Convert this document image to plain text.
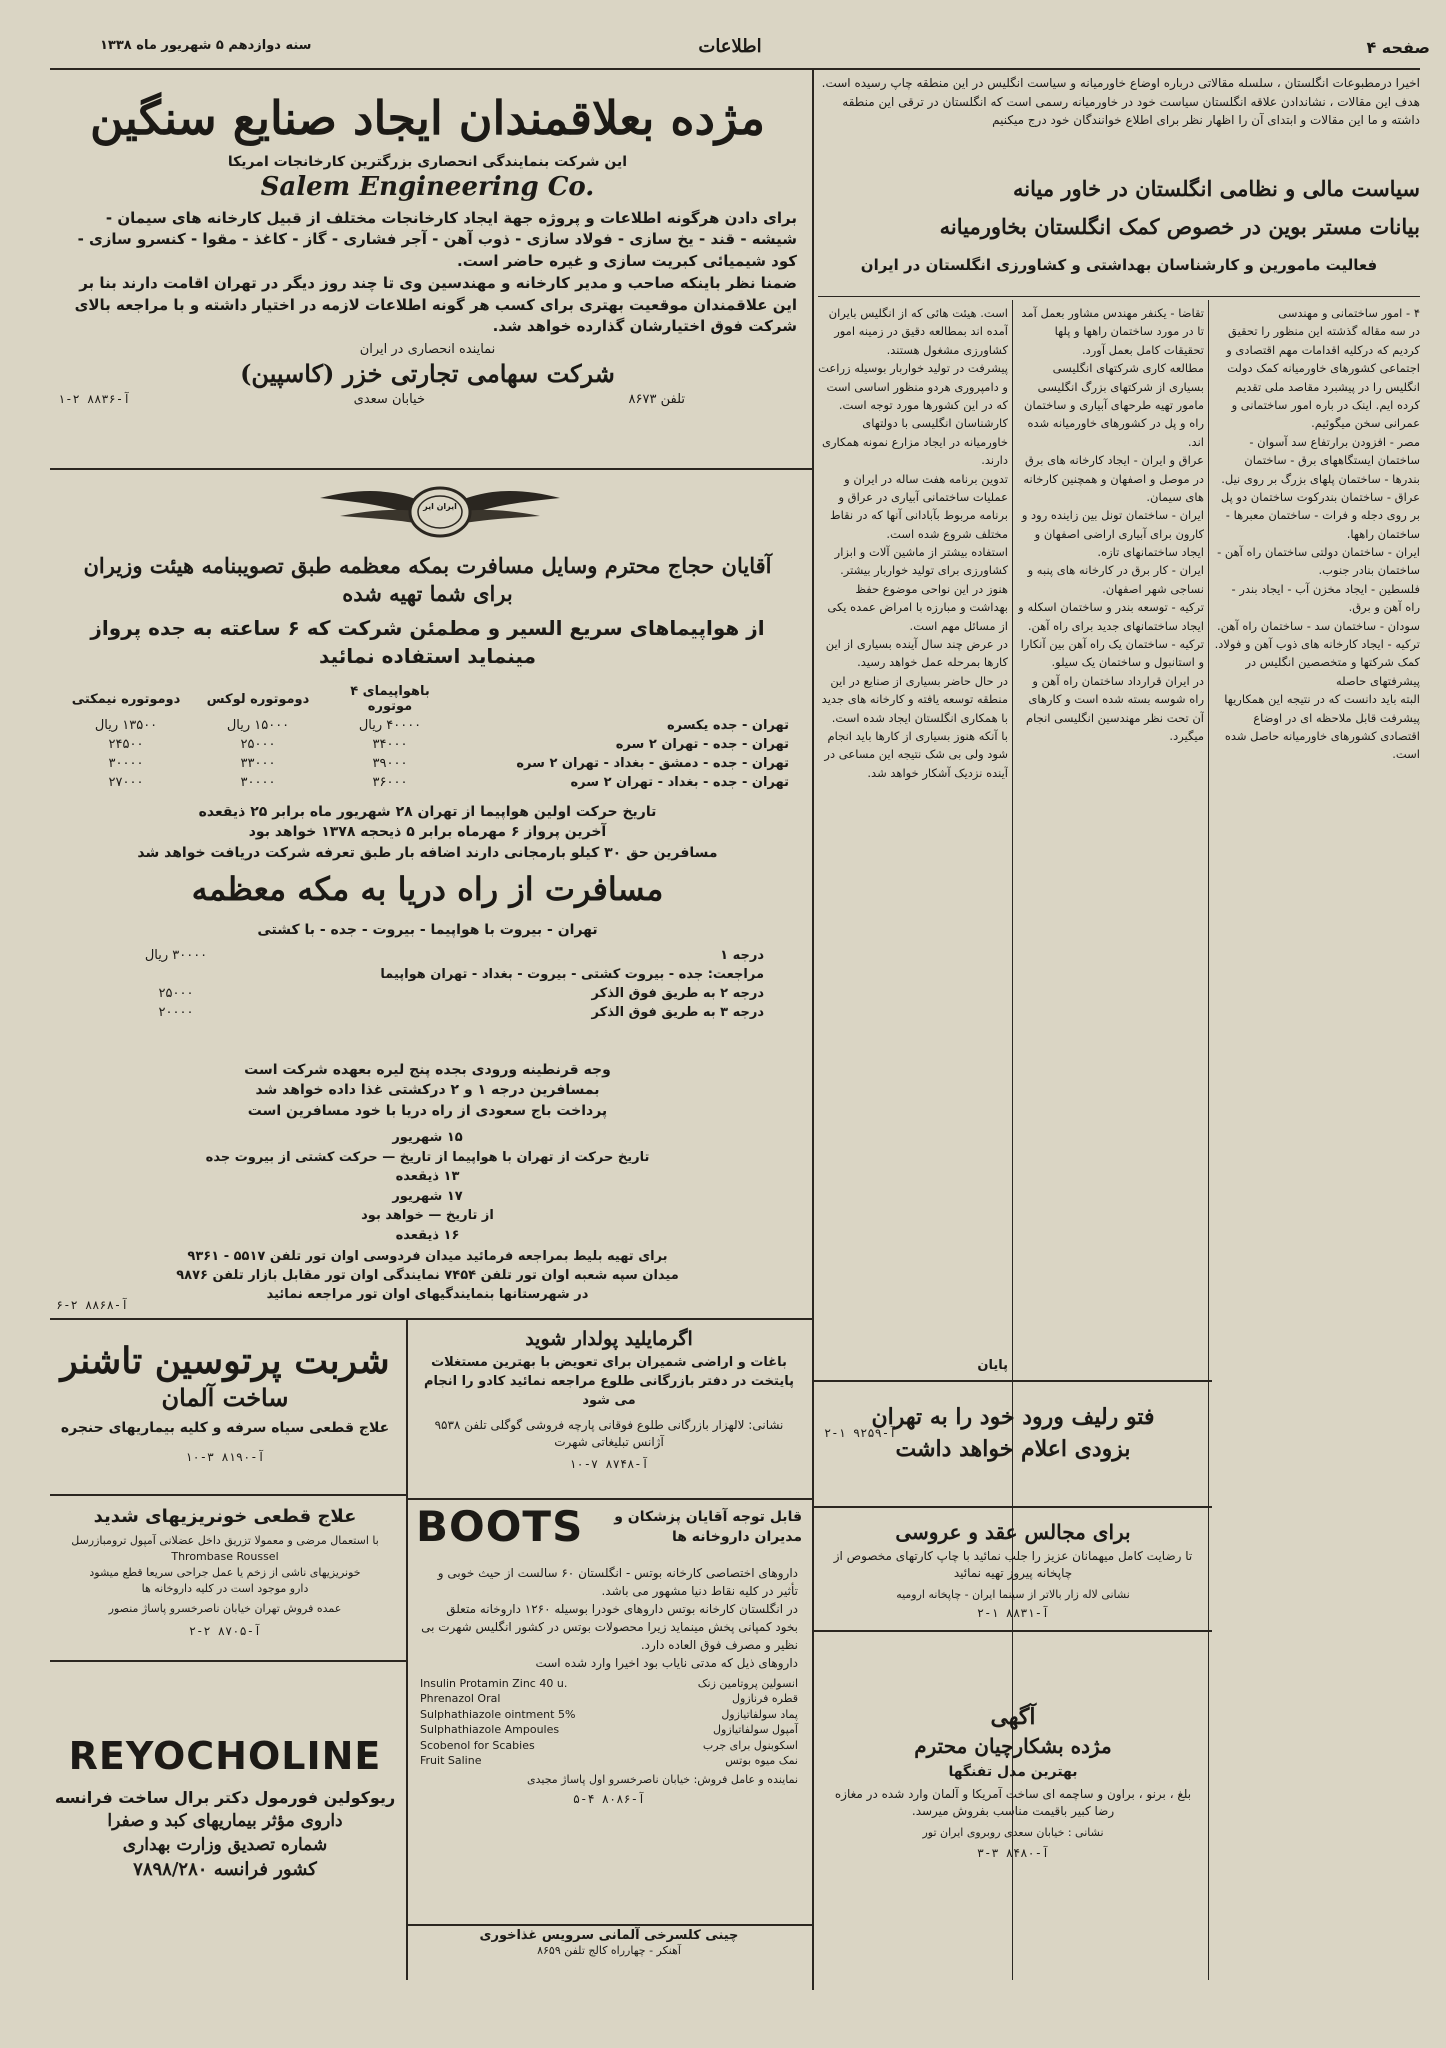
صفحه ۴
اطلاعات
سنه دوازدهم ۵ شهریور ماه ۱۳۳۸
مژده بعلاقمندان ایجاد صنایع سنگین
این شرکت بنمایندگی انحصاری بزرگترین کارخانجات امریکا
Salem Engineering Co.

برای دادن هرگونه اطلاعات و پروژه جهة ایجاد کارخانجات مختلف از قبیل کارخانه های سیمان - شیشه - قند - یخ سازی - فولاد سازی - ذوب آهن - آجر فشاری - گاز - کاغذ - مقوا - کنسرو سازی - کود شیمیائی کبریت سازی و غیره حاضر است.
ضمنا نظر باینکه صاحب و مدیر کارخانه و مهندسین وی تا چند روز دیگر در تهران اقامت دارند بنا بر این علاقمندان موقعیت بهتری برای کسب هر گونه اطلاعات لازمه در اختیار داشته و با مراجعه بالای شرکت فوق اختیارشان گذارده خواهد شد.

نماینده انحصاری در ایران
شرکت سهامی تجارتی خزر (کاسپین)
تلفن ۸۶۷۳
خیابان سعدی
آ-۸۸۳۶ ۲-۱
ایران ایر
آقایان حجاج محترم وسایل مسافرت بمکه معظمه طبق تصویبنامه هیئت وزیران برای شما تهیه شده
از هواپیماهای سریع السیر و مطمئن شرکت که ۶ ساعته به جده پرواز مینماید استفاده نمائید
	باهواپیمای ۴ موتوره	دوموتوره لوکس	دوموتوره نیمکتی
تهران - جده یکسره	۴۰۰۰۰ ریال	۱۵۰۰۰ ریال	۱۳۵۰۰ ریال
تهران - جده - تهران ۲ سره	۳۴۰۰۰	۲۵۰۰۰	۲۴۵۰۰
تهران - جده - دمشق - بغداد - تهران ۲ سره	۳۹۰۰۰	۳۳۰۰۰	۳۰۰۰۰
تهران - جده - بغداد - تهران ۲ سره	۳۶۰۰۰	۳۰۰۰۰	۲۷۰۰۰

تاریخ حرکت اولین هواپیما از تهران ۲۸ شهریور ماه برابر ۲۵ ذیقعده
آخرین پرواز ۶ مهرماه برابر ۵ ذیحجه ۱۳۷۸ خواهد بود
مسافرین حق ۳۰ کیلو بارمجانی دارند اضافه بار طبق تعرفه شرکت دریافت خواهد شد

مسافرت از راه دریا به مکه معظمه
تهران - بیروت با هواپیما - بیروت - جده - با کشتی
درجه ۱	۳۰۰۰۰ ریال
مراجعت: جده - بیروت کشتی - بیروت - بغداد - تهران هواپیما	
درجه ۲ به طریق فوق الذکر	۲۵۰۰۰
درجه ۳ به طریق فوق الذکر	۲۰۰۰۰

وجه قرنطینه ورودی بجده پنج لیره بعهده شرکت است
بمسافرین درجه ۱ و ۲ درکشتی غذا داده خواهد شد
پرداخت باج سعودی از راه دریا با خود مسافرین است

۱۵ شهریور
تاریخ حرکت از تهران با هواپیما از تاریخ — حرکت کشتی از بیروت جده
۱۳ ذیقعده
۱۷ شهریور
از تاریخ — خواهد بود
۱۶ ذیقعده

برای تهیه بلیط بمراجعه فرمائید میدان فردوسی اوان تور تلفن ۵۵۱۷ - ۹۳۶۱
میدان سپه شعبه اوان تور تلفن ۷۴۵۴ نمایندگی اوان تور مقابل بازار تلفن ۹۸۷۶
در شهرستانها بنمایندگیهای اوان تور مراجعه نمائید

آ-۸۸۶۸ ۲-۶
شربت پرتوسین تاشنر
ساخت آلمان
علاج قطعی سیاه سرفه و کلیه بیماریهای حنجره
آ-۸۱۹۰ ۳-۱۰
علاج قطعی خونریزیهای شدید

با استعمال مرضی و معمولا تزریق داخل عضلانی آمپول ترومبازرسل
Thrombase Roussel
خونریزیهای ناشی از زخم یا عمل جراحی سریعا قطع میشود
دارو موجود است در کلیه داروخانه ها

عمده فروش تهران خیابان ناصرخسرو پاساژ منصور
آ-۸۷۰۵ ۲-۲
REYOCHOLINE
ریوکولین فورمول دکتر برال ساخت فرانسه
داروی مؤثر بیماریهای کبد و صفرا
شماره تصدیق وزارت بهداری
کشور فرانسه ۷۸۹۸/۲۸۰
اگرمایلید پولدار شوید

باغات و اراضی شمیران برای تعویض با بهترین مستغلات پایتخت در دفتر بازرگانی طلوع مراجعه نمائید کادو را انجام می شود

نشانی: لالهزار بازرگانی طلوع فوقانی پارچه فروشی گوگلی تلفن ۹۵۳۸ آژانس تبلیغاتی شهرت

آ-۸۷۴۸ ۷-۱۰
قابل توجه آقایان پزشکان و مدیران داروخانه ها
BOOTS

داروهای اختصاصی کارخانه بوتس - انگلستان ۶۰ سالست از حیث خوبی و تأثیر در کلیه نقاط دنیا مشهور می باشد.
در انگلستان کارخانه بوتس داروهای خودرا بوسیله ۱۲۶۰ داروخانه متعلق بخود کمپانی پخش مینماید زیرا محصولات بوتس در کشور انگلیس شهرت بی نظیر و مصرف فوق العاده دارد.
داروهای ذیل که مدتی نایاب بود اخیرا وارد شده است

انسولین پروتامین زنک
Insulin Protamin Zinc 40 u.
قطره فرنازول
Phrenazol Oral
پماد سولفاتیازول
Sulphathiazole ointment 5%
آمپول سولفاتیازول
Sulphathiazole Ampoules
اسکوبنول برای جرب
Scobenol for Scabies
نمک میوه بوتس
Fruit Saline
نماینده و عامل فروش: خیابان ناصرخسرو اول پاساژ مجیدی
آ-۸۰۸۶ ۴-۵
چینی کلسرخی آلمانی سرویس غذاخوری
آهنکر - چهارراه کالج تلفن ۸۶۵۹

اخیرا درمطبوعات انگلستان ، سلسله مقالاتی درباره اوضاع خاورمیانه و سیاست انگلیس در این منطقه چاپ رسیده است. هدف این مقالات ، نشاندادن علاقه انگلستان سیاست خود در خاورمیانه رسمی است که انگلستان در ترقی این منطقه داشته و ما این مقالات و ابتدای آن را اظهار نظر برای اطلاع خوانندگان خود درج میکنیم

سیاست مالی و نظامی انگلستان در خاور میانه
بیانات مستر بوین در خصوص کمک انگلستان بخاورمیانه
فعالیت مامورین و کارشناسان بهداشتی و کشاورزی انگلستان در ایران

۴ - امور ساختمانی و مهندسی
در سه مقاله گذشته این منظور را تحقیق کردیم که درکلیه اقدامات مهم اقتصادی و اجتماعی کشورهای خاورمیانه کمک دولت انگلیس را در پیشبرد مقاصد ملی تقدیم کرده ایم. اینک در باره امور ساختمانی و عمرانی سخن میگوئیم.
مصر - افزودن برارتفاع سد آسوان - ساختمان ایستگاههای برق - ساختمان بندرها - ساختمان پلهای بزرگ بر روی نیل.
عراق - ساختمان بندرکوت ساختمان دو پل بر روی دجله و فرات - ساختمان معبرها - ساختمان راهها.
ایران - ساختمان دولتی ساختمان راه آهن - ساختمان بنادر جنوب.
فلسطین - ایجاد مخزن آب - ایجاد بندر - راه آهن و برق.
سودان - ساختمان سد - ساختمان راه آهن.
ترکیه - ایجاد کارخانه های ذوب آهن و فولاد.
کمک شرکتها و متخصصین انگلیس در پیشرفتهای حاصله
البته باید دانست که در نتیجه این همکاریها پیشرفت قابل ملاحظه ای در اوضاع اقتصادی کشورهای خاورمیانه حاصل شده است.

تقاضا - یکنفر مهندس مشاور بعمل آمد تا در مورد ساختمان راهها و پلها تحقیقات کامل بعمل آورد.
مطالعه کاری شرکتهای انگلیسی
بسیاری از شرکتهای بزرگ انگلیسی مامور تهیه طرحهای آبیاری و ساختمان راه و پل در کشورهای خاورمیانه شده اند.
عراق و ایران - ایجاد کارخانه های برق در موصل و اصفهان و همچنین کارخانه های سیمان.
ایران - ساختمان تونل بین زاینده رود و کارون برای آبیاری اراضی اصفهان و ایجاد ساختمانهای تازه.
ایران - کار برق در کارخانه های پنبه و نساجی شهر اصفهان.
ترکیه - توسعه بندر و ساختمان اسکله و ایجاد ساختمانهای جدید برای راه آهن.
ترکیه - ساختمان یک راه آهن بین آنکارا و استانبول و ساختمان یک سیلو.
در ایران قرارداد ساختمان راه آهن و راه شوسه بسته شده است و کارهای آن تحت نظر مهندسین انگلیسی انجام میگیرد.

است. هیئت هائی که از انگلیس بایران آمده اند بمطالعه دقیق در زمینه امور کشاورزی مشغول هستند.
پیشرفت در تولید خواربار بوسیله زراعت و دامپروری هردو منظور اساسی است که در این کشورها مورد توجه است.
کارشناسان انگلیسی با دولتهای خاورمیانه در ایجاد مزارع نمونه همکاری دارند.
تدوین برنامه هفت ساله در ایران و عملیات ساختمانی آبیاری در عراق و برنامه مربوط بآبادانی آنها که در نقاط مختلف شروع شده است.
استفاده بیشتر از ماشین آلات و ابزار کشاورزی برای تولید خواربار بیشتر.
هنوز در این نواحی موضوع حفظ بهداشت و مبارزه با امراض عمده یکی از مسائل مهم است.
در عرض چند سال آینده بسیاری از این کارها بمرحله عمل خواهد رسید.
در حال حاضر بسیاری از صنایع در این منطقه توسعه یافته و کارخانه های جدید با همکاری انگلستان ایجاد شده است.
با آنکه هنوز بسیاری از کارها باید انجام شود ولی بی شک نتیجه این مساعی در آینده نزدیک آشکار خواهد شد.

پایان
فتو رلیف ورود خود را به تهران
بزودی اعلام خواهد داشت
آ-۹۲۵۹ ۱-۲
برای مجالس عقد و عروسی

تا رضایت کامل میهمانان عزیز را جلب نمائید با چاپ کارتهای مخصوص از چاپخانه پیروز تهیه نمائید

نشانی لاله زار بالاتر از سینما ایران - چاپخانه ارومیه
آ-۸۸۳۱ ۱-۲
آگهی
مژده بشکارچیان محترم
بهترین مدل تفنگها

بلغ ، برنو ، براون و ساچمه ای ساخت آمریکا و آلمان وارد شده در مغازه رضا کبیر باقیمت مناسب بفروش میرسد.

نشانی : خیابان سعدی روبروی ایران تور
آ-۸۴۸۰ ۳-۳
